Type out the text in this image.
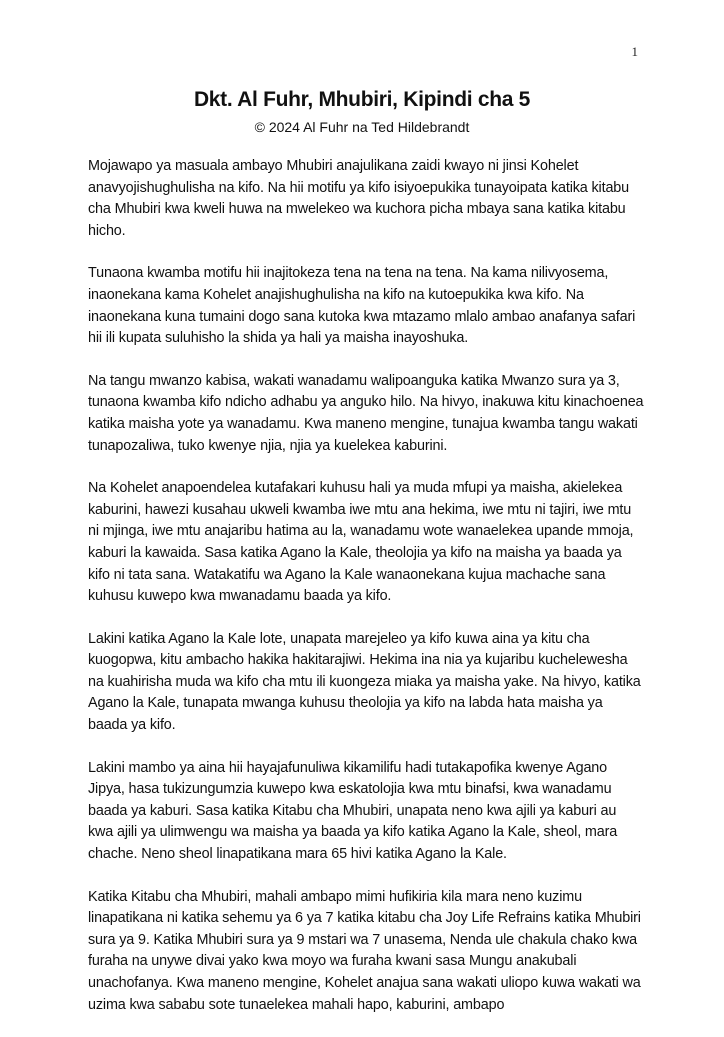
1
Dkt. Al Fuhr, Mhubiri, Kipindi cha 5
© 2024 Al Fuhr na Ted Hildebrandt

Mojawapo ya masuala ambayo Mhubiri anajulikana zaidi kwayo ni jinsi Kohelet anavyojishughulisha na kifo. Na hii motifu ya kifo isiyoepukika tunayoipata katika kitabu cha Mhubiri kwa kweli huwa na mwelekeo wa kuchora picha mbaya sana katika kitabu hicho.

Tunaona kwamba motifu hii inajitokeza tena na tena na tena. Na kama nilivyosema, inaonekana kama Kohelet anajishughulisha na kifo na kutoepukika kwa kifo. Na inaonekana kuna tumaini dogo sana kutoka kwa mtazamo mlalo ambao anafanya safari hii ili kupata suluhisho la shida ya hali ya maisha inayoshuka.

Na tangu mwanzo kabisa, wakati wanadamu walipoanguka katika Mwanzo sura ya 3, tunaona kwamba kifo ndicho adhabu ya anguko hilo. Na hivyo, inakuwa kitu kinachoenea katika maisha yote ya wanadamu. Kwa maneno mengine, tunajua kwamba tangu wakati tunapozaliwa, tuko kwenye njia, njia ya kuelekea kaburini.

Na Kohelet anapoendelea kutafakari kuhusu hali ya muda mfupi ya maisha, akielekea kaburini, hawezi kusahau ukweli kwamba iwe mtu ana hekima, iwe mtu ni tajiri, iwe mtu ni mjinga, iwe mtu anajaribu hatima au la, wanadamu wote wanaelekea upande mmoja, kaburi la kawaida. Sasa katika Agano la Kale, theolojia ya kifo na maisha ya baada ya kifo ni tata sana. Watakatifu wa Agano la Kale wanaonekana kujua machache sana kuhusu kuwepo kwa mwanadamu baada ya kifo.

Lakini katika Agano la Kale lote, unapata marejeleo ya kifo kuwa aina ya kitu cha kuogopwa, kitu ambacho hakika hakitarajiwi. Hekima ina nia ya kujaribu kuchelewesha na kuahirisha muda wa kifo cha mtu ili kuongeza miaka ya maisha yake. Na hivyo, katika Agano la Kale, tunapata mwanga kuhusu theolojia ya kifo na labda hata maisha ya baada ya kifo.

Lakini mambo ya aina hii hayajafunuliwa kikamilifu hadi tutakapofika kwenye Agano Jipya, hasa tukizungumzia kuwepo kwa eskatolojia kwa mtu binafsi, kwa wanadamu baada ya kaburi. Sasa katika Kitabu cha Mhubiri, unapata neno kwa ajili ya kaburi au kwa ajili ya ulimwengu wa maisha ya baada ya kifo katika Agano la Kale, sheol, mara chache. Neno sheol linapatikana mara 65 hivi katika Agano la Kale.

Katika Kitabu cha Mhubiri, mahali ambapo mimi hufikiria kila mara neno kuzimu linapatikana ni katika sehemu ya 6 ya 7 katika kitabu cha Joy Life Refrains katika Mhubiri sura ya 9. Katika Mhubiri sura ya 9 mstari wa 7 unasema, Nenda ule chakula chako kwa furaha na unywe divai yako kwa moyo wa furaha kwani sasa Mungu anakubali unachofanya. Kwa maneno mengine, Kohelet anajua sana wakati uliopo kuwa wakati wa uzima kwa sababu sote tunaelekea mahali hapo, kaburini, ambapo
